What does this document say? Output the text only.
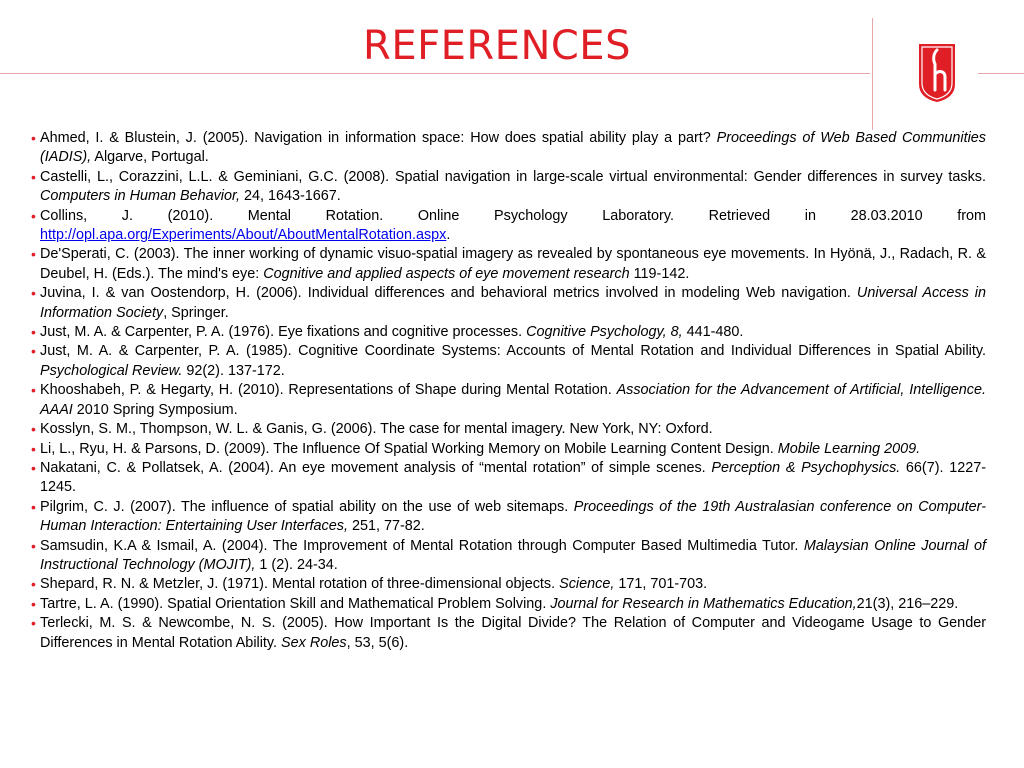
REFERENCES
• Ahmed, I. & Blustein, J. (2005). Navigation in information space: How does spatial ability play a part? Proceedings of Web Based Communities (IADIS), Algarve, Portugal.
• Castelli, L., Corazzini, L.L. & Geminiani, G.C. (2008). Spatial navigation in large-scale virtual environmental: Gender differences in survey tasks. Computers in Human Behavior, 24, 1643-1667.
• Collins, J. (2010). Mental Rotation. Online Psychology Laboratory. Retrieved in 28.03.2010 from http://opl.apa.org/Experiments/About/AboutMentalRotation.aspx.
• De'Sperati, C. (2003). The inner working of dynamic visuo-spatial imagery as revealed by spontaneous eye movements. In Hyönä, J., Radach, R. & Deubel, H. (Eds.). The mind's eye: Cognitive and applied aspects of eye movement research 119-142.
• Juvina, I. & van Oostendorp, H. (2006). Individual differences and behavioral metrics involved in modeling Web navigation. Universal Access in Information Society, Springer.
• Just, M. A. & Carpenter, P. A. (1976). Eye fixations and cognitive processes. Cognitive Psychology, 8, 441-480.
• Just, M. A. & Carpenter, P. A. (1985). Cognitive Coordinate Systems: Accounts of Mental Rotation and Individual Differences in Spatial Ability. Psychological Review. 92(2). 137-172.
• Khooshabeh, P. & Hegarty, H. (2010). Representations of Shape during Mental Rotation. Association for the Advancement of Artificial, Intelligence. AAAI 2010 Spring Symposium.
• Kosslyn, S. M., Thompson, W. L. & Ganis, G. (2006). The case for mental imagery. New York, NY: Oxford.
• Li, L., Ryu, H. & Parsons, D. (2009). The Influence Of Spatial Working Memory on Mobile Learning Content Design. Mobile Learning 2009.
• Nakatani, C. & Pollatsek, A. (2004). An eye movement analysis of “mental rotation” of simple scenes. Perception & Psychophysics. 66(7). 1227-1245.
• Pilgrim, C. J. (2007). The influence of spatial ability on the use of web sitemaps. Proceedings of the 19th Australasian conference on Computer-Human Interaction: Entertaining User Interfaces, 251, 77-82.
• Samsudin, K.A & Ismail, A. (2004). The Improvement of Mental Rotation through Computer Based Multimedia Tutor. Malaysian Online Journal of Instructional Technology (MOJIT), 1 (2). 24-34.
• Shepard, R. N. & Metzler, J. (1971). Mental rotation of three-dimensional objects. Science, 171, 701-703.
• Tartre, L. A. (1990). Spatial Orientation Skill and Mathematical Problem Solving. Journal for Research in Mathematics Education,21(3), 216–229.
• Terlecki, M. S. & Newcombe, N. S. (2005). How Important Is the Digital Divide? The Relation of Computer and Videogame Usage to Gender Differences in Mental Rotation Ability. Sex Roles, 53, 5(6).
